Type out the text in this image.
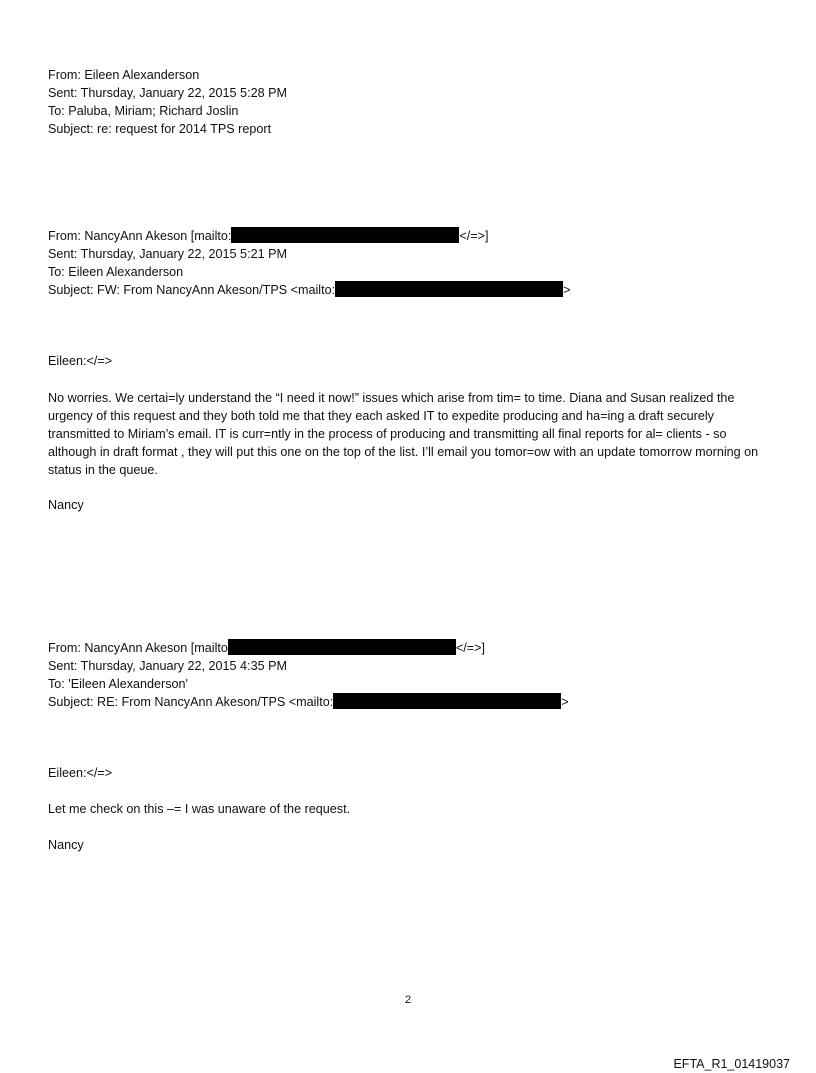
From: Eileen Alexanderson
Sent: Thursday, January 22, 2015 5:28 PM
To: Paluba, Miriam; Richard Joslin
Subject: re: request for 2014 TPS report
From: NancyAnn Akeson [mailto:	</=>]
Sent: Thursday, January 22, 2015 5:21 PM
To: Eileen Alexanderson
Subject: FW: From NancyAnn Akeson/TPS <mailto:	>
Eileen:</=>
No worries. We certai=ly understand the “I need it now!” issues which arise from tim= to time. Diana and Susan realized the urgency of this request and they both told me that they each asked IT to expedite producing and ha=ing a draft securely transmitted to Miriam’s email. IT is curr=ntly in the process of producing and transmitting all final reports for al= clients - so although in draft format , they will put this one on the top of the list. I’ll email you tomor=ow with an update tomorrow morning on status in the queue.
Nancy
From: NancyAnn Akeson [mailto	</=>]
Sent: Thursday, January 22, 2015 4:35 PM
To: 'Eileen Alexanderson'
Subject: RE: From NancyAnn Akeson/TPS <mailto:	>
Eileen:</=>
Let me check on this –= I was unaware of the request.
Nancy
2
EFTA_R1_01419037
